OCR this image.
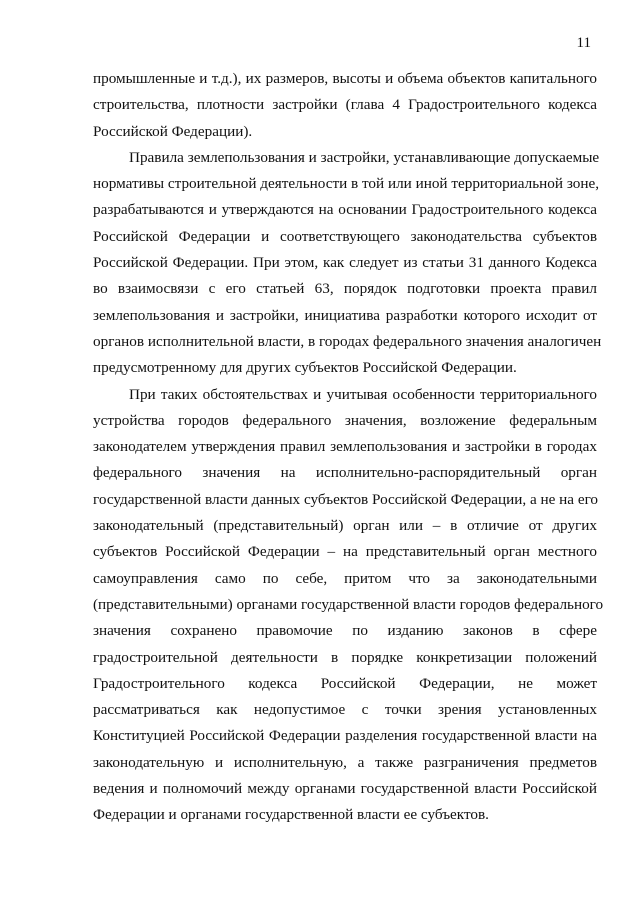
11
промышленные и т.д.), их размеров, высоты и объема объектов капитального
строительства, плотности застройки (глава 4 Градостроительного кодекса
Российской Федерации).
Правила землепользования и застройки, устанавливающие допускаемые
нормативы строительной деятельности в той или иной территориальной зоне,
разрабатываются и утверждаются на основании Градостроительного кодекса
Российской Федерации и соответствующего законодательства субъектов
Российской Федерации. При этом, как следует из статьи 31 данного Кодекса
во взаимосвязи с его статьей 63, порядок подготовки проекта правил
землепользования и застройки, инициатива разработки которого исходит от
органов исполнительной власти, в городах федерального значения аналогичен
предусмотренному для других субъектов Российской Федерации.
При таких обстоятельствах и учитывая особенности территориального
устройства городов федерального значения, возложение федеральным
законодателем утверждения правил землепользования и застройки в городах
федерального значения на исполнительно-распорядительный орган
государственной власти данных субъектов Российской Федерации, а не на его
законодательный (представительный) орган или – в отличие от других
субъектов Российской Федерации – на представительный орган местного
самоуправления само по себе, притом что за законодательными
(представительными) органами государственной власти городов федерального
значения сохранено правомочие по изданию законов в сфере
градостроительной деятельности в порядке конкретизации положений
Градостроительного кодекса Российской Федерации, не может
рассматриваться как недопустимое с точки зрения установленных
Конституцией Российской Федерации разделения государственной власти на
законодательную и исполнительную, а также разграничения предметов
ведения и полномочий между органами государственной власти Российской
Федерации и органами государственной власти ее субъектов.
